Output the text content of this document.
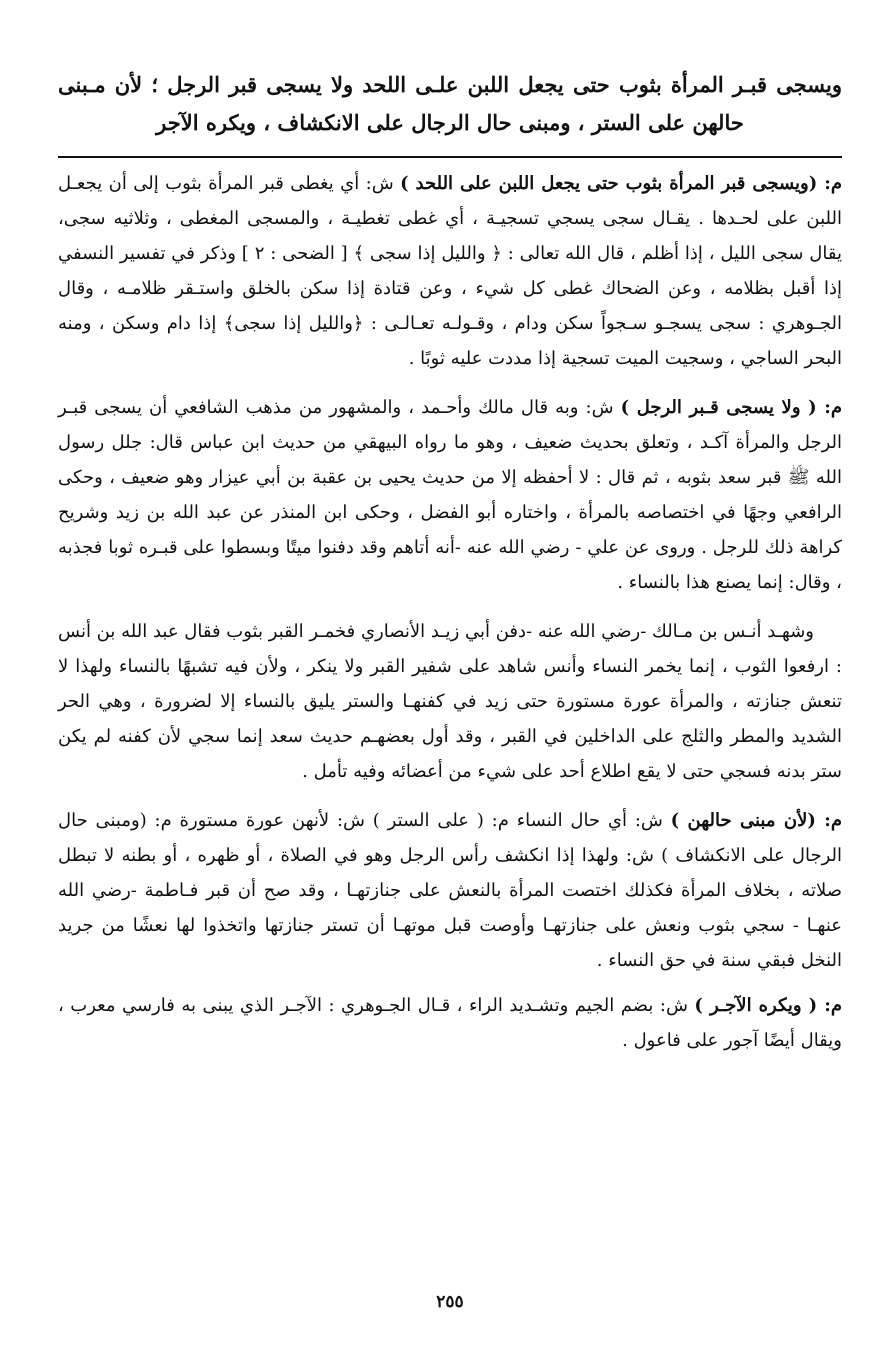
ويسجى قبـر المرأة بثوب حتى يجعل اللبن علـى اللحد ولا يسجى قبر الرجل ؛ لأن مـبنى حالهن على الستر ، ومبنى حال الرجال على الانكشاف ، ويكره الآجر

م: (ويسجى قبر المرأة بثوب حتى يجعل اللبن على اللحد ) ش: أي يغطى قبر المرأة بثوب إلى أن يجعـل اللبن على لحـدها . يقـال سجى يسجي تسجيـة ، أي غطى تغطيـة ، والمسجى المغطى ، وثلاثيه سجى، يقال سجى الليل ، إذا أظلم ، قال الله تعالى : ﴿ والليل إذا سجى ﴾ [ الضحى : ٢ ] وذكر في تفسير النسفي إذا أقبل بظلامه ، وعن الضحاك غطى كل شيء ، وعن قتادة إذا سكن بالخلق واستـقر ظلامـه ، وقال الجـوهري : سجى يسجـو سـجواً سكن ودام ، وقـولـه تعـالـى : ﴿والليل إذا سجى﴾ إذا دام وسكن ، ومنه البحر الساجي ، وسجيت الميت تسجية إذا مددت عليه ثوبًا .

م: ( ولا يسجى قـبر الرجل ) ش: وبه قال مالك وأحـمد ، والمشهور من مذهب الشافعي أن يسجى قبـر الرجل والمرأة آكـد ، وتعلق بحديث ضعيف ، وهو ما رواه البيهقي من حديث ابن عباس قال: جلل رسول الله ﷺ قبر سعد بثوبه ، ثم قال : لا أحفظه إلا من حديث يحيى بن عقبة بن أبي عيزار وهو ضعيف ، وحكى الرافعي وجهًا في اختصاصه بالمرأة ، واختاره أبو الفضل ، وحكى ابن المنذر عن عبد الله بن زيد وشريح كراهة ذلك للرجل . وروى عن علي - رضي الله عنه -أنه أتاهم وقد دفنوا ميتًا وبسطوا على قبـره ثوبا فجذبه ، وقال: إنما يصنع هذا بالنساء .

وشهـد أنـس بن مـالك -رضي الله عنه -دفن أبي زيـد الأنصاري فخمـر القبر بثوب فقال عبد الله بن أنس : ارفعوا الثوب ، إنما يخمر النساء وأنس شاهد على شفير القبر ولا ينكر ، ولأن فيه تشبهًا بالنساء ولهذا لا تنعش جنازته ، والمرأة عورة مستورة حتى زيد في كفنهـا والستر يليق بالنساء إلا لضرورة ، وهي الحر الشديد والمطر والثلج على الداخلين في القبر ، وقد أول بعضهـم حديث سعد إنما سجي لأن كفنه لم يكن ستر بدنه فسجي حتى لا يقع اطلاع أحد على شيء من أعضائه وفيه تأمل .

م: (لأن مبنى حالهن ) ش: أي حال النساء م: ( على الستر ) ش: لأنهن عورة مستورة م: (ومبنى حال الرجال على الانكشاف ) ش: ولهذا إذا انكشف رأس الرجل وهو في الصلاة ، أو ظهره ، أو بطنه لا تبطل صلاته ، بخلاف المرأة فكذلك اختصت المرأة بالنعش على جنازتهـا ، وقد صح أن قبر فـاطمة -رضي الله عنهـا - سجي بثوب ونعش على جنازتهـا وأوصت قبل موتهـا أن تستر جنازتها واتخذوا لها نعشًا من جريد النخل فبقي سنة في حق النساء .

م: ( ويكره الآجـر ) ش: بضم الجيم وتشـديد الراء ، قـال الجـوهري : الآجـر الذي يبنى به فارسي معرب ، ويقال أيضًا آجور على فاعول .

٢٥٥
